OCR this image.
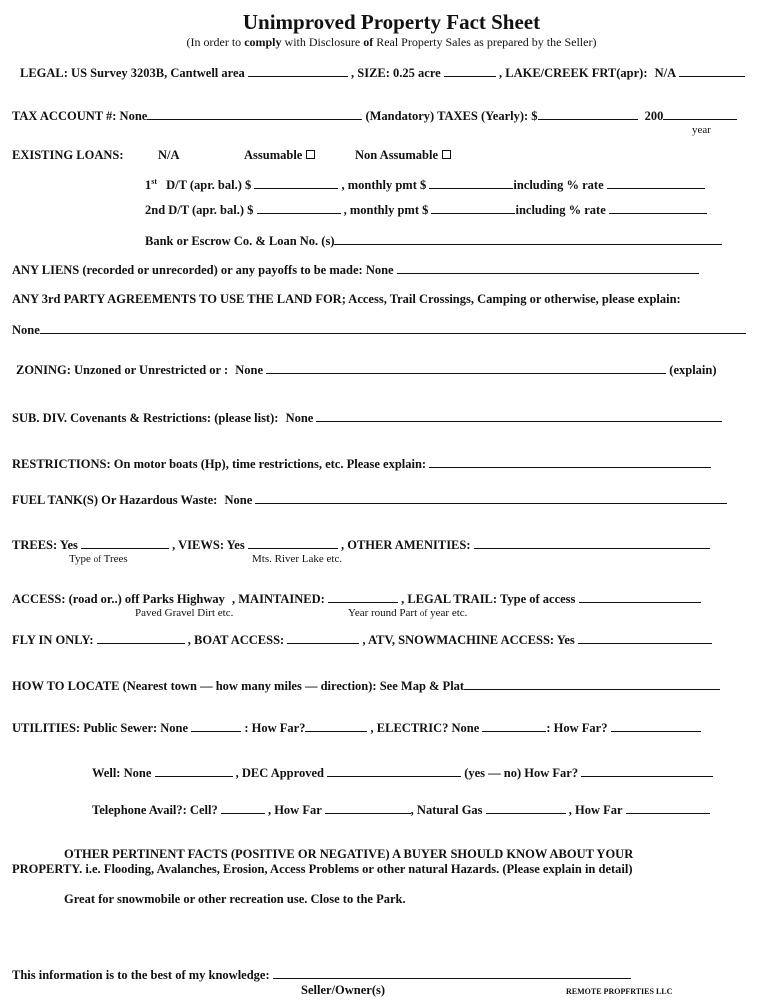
Unimproved Property Fact Sheet
(In order to comply with Disclosure of Real Property Sales as prepared by the Seller)
LEGAL: US Survey 3203B, Cantwell area	, SIZE: 0.25 acre	, LAKE/CREEK FRT(apr): N/A
TAX ACCOUNT #: None	(Mandatory) TAXES (Yearly): $	200
year
EXISTING LOANS:	N/A	Assumable	Non Assumable
1st D/T (apr. bal.) $	, monthly pmt $	including % rate
2nd D/T (apr. bal.) $	, monthly pmt $	including % rate
Bank or Escrow Co. & Loan No. (s)
ANY LIENS (recorded or unrecorded) or any payoffs to be made: None
ANY 3rd PARTY AGREEMENTS TO USE THE LAND FOR; Access, Trail Crossings, Camping or otherwise, please explain:
None
ZONING: Unzoned or Unrestricted or : None	(explain)
SUB. DIV. Covenants & Restrictions: (please list): None
RESTRICTIONS: On motor boats (Hp), time restrictions, etc. Please explain:
FUEL TANK(S) Or Hazardous Waste: None
TREES: Yes	, VIEWS: Yes	, OTHER AMENITIES:
Type of Trees	Mts. River Lake etc.
ACCESS: (road or..) off Parks Highway , MAINTAINED:	, LEGAL TRAIL: Type of access
Paved Gravel Dirt etc.	Year round Part of year etc.
FLY IN ONLY:	, BOAT ACCESS:	, ATV, SNOWMACHINE ACCESS: Yes
HOW TO LOCATE (Nearest town — how many miles — direction): See Map & Plat
UTILITIES: Public Sewer: None	: How Far?	, ELECTRIC? None	: How Far?
Well: None	, DEC Approved	(yes — no) How Far?
Telephone Avail?: Cell?	, How Far	, Natural Gas	, How Far
OTHER PERTINENT FACTS (POSITIVE OR NEGATIVE) A BUYER SHOULD KNOW ABOUT YOUR
PROPERTY. i.e. Flooding, Avalanches, Erosion, Access Problems or other natural Hazards. (Please explain in detail)
Great for snowmobile or other recreation use. Close to the Park.
This information is to the best of my knowledge:
Seller/Owner(s)	REMOTE PROPFRTIES LLC
